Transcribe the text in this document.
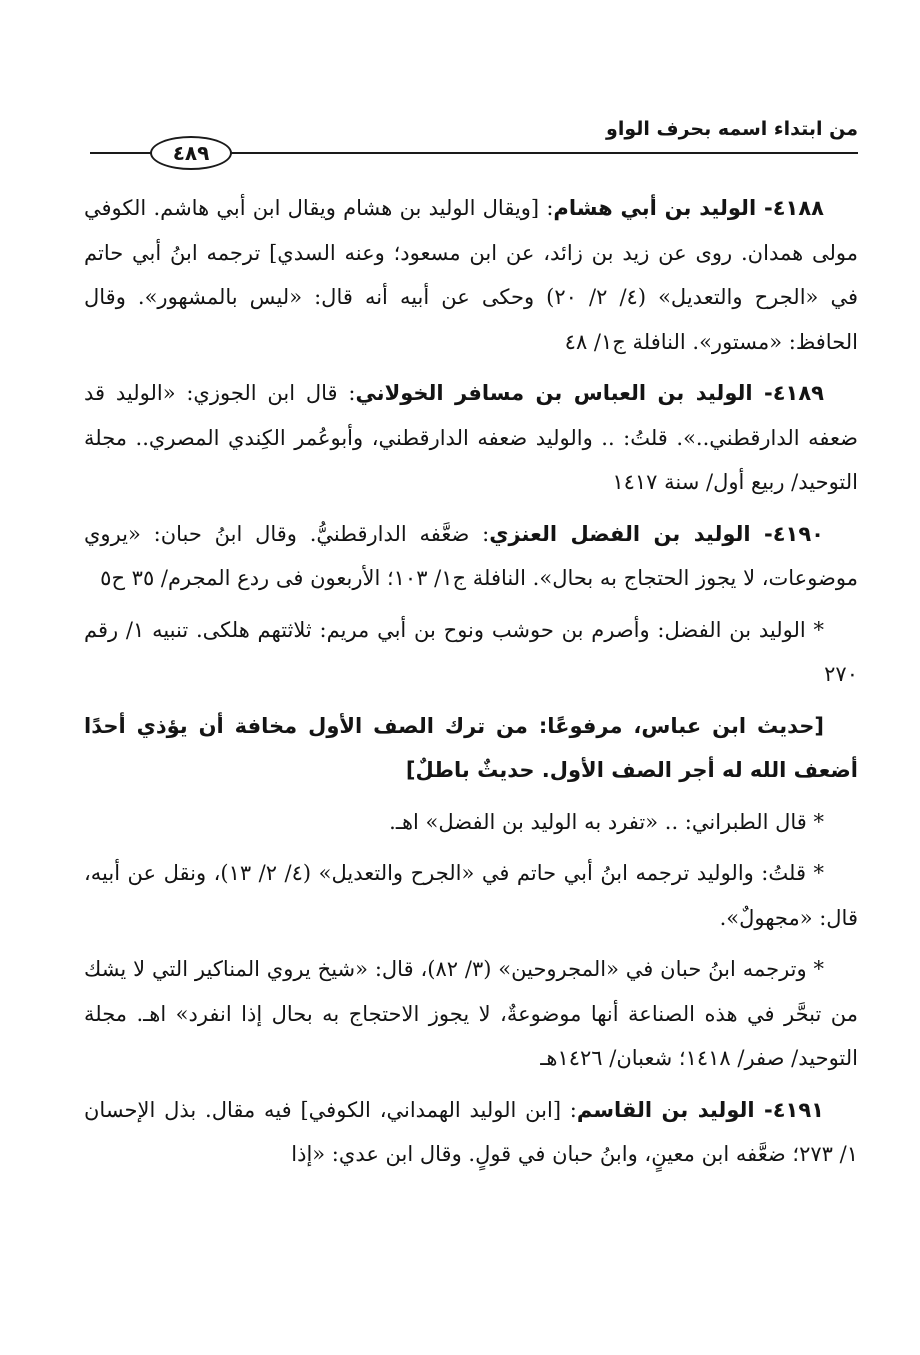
من ابتداء اسمه بحرف الواو
٤٨٩

٤١٨٨- الوليد بن أبي هشام: [ويقال الوليد بن هشام ويقال ابن أبي هاشم. الكوفي مولى همدان. روى عن زيد بن زائد، عن ابن مسعود؛ وعنه السدي] ترجمه ابنُ أبي حاتم في «الجرح والتعديل» (٤/ ٢/ ٢٠) وحكى عن أبيه أنه قال: «ليس بالمشهور». وقال الحافظ: «مستور». النافلة ج١/ ٤٨

٤١٨٩- الوليد بن العباس بن مسافر الخولاني: قال ابن الجوزي: «الوليد قد ضعفه الدارقطني..». قلتُ: .. والوليد ضعفه الدارقطني، وأبوعُمر الكِندي المصري.. مجلة التوحيد/ ربيع أول/ سنة ١٤١٧

٤١٩٠- الوليد بن الفضل العنزي: ضعَّفه الدارقطنيُّ. وقال ابنُ حبان: «يروي موضوعات، لا يجوز الحتجاج به بحال». النافلة ج١/ ١٠٣؛ الأربعون فى ردع المجرم/ ٣٥ ح٥

* الوليد بن الفضل: وأصرم بن حوشب ونوح بن أبي مريم: ثلاثتهم هلكى. تنبيه ١/ رقم ٢٧٠

[حديث ابن عباس، مرفوعًا: من ترك الصف الأول مخافة أن يؤذي أحدًا أضعف الله له أجر الصف الأول. حديثٌ باطلٌ]

* قال الطبراني: .. «تفرد به الوليد بن الفضل» اهـ.

* قلتُ: والوليد ترجمه ابنُ أبي حاتم في «الجرح والتعديل» (٤/ ٢/ ١٣)، ونقل عن أبيه، قال: «مجهولٌ».

* وترجمه ابنُ حبان في «المجروحين» (٣/ ٨٢)، قال: «شيخ يروي المناكير التي لا يشك من تبحَّر في هذه الصناعة أنها موضوعةٌ، لا يجوز الاحتجاج به بحال إذا انفرد» اهـ. مجلة التوحيد/ صفر/ ١٤١٨؛ شعبان/ ١٤٢٦هـ

٤١٩١- الوليد بن القاسم: [ابن الوليد الهمداني، الكوفي] فيه مقال. بذل الإحسان ١/ ٢٧٣؛ ضعَّفه ابن معينٍ، وابنُ حبان في قولٍ. وقال ابن عدي: «إذا
